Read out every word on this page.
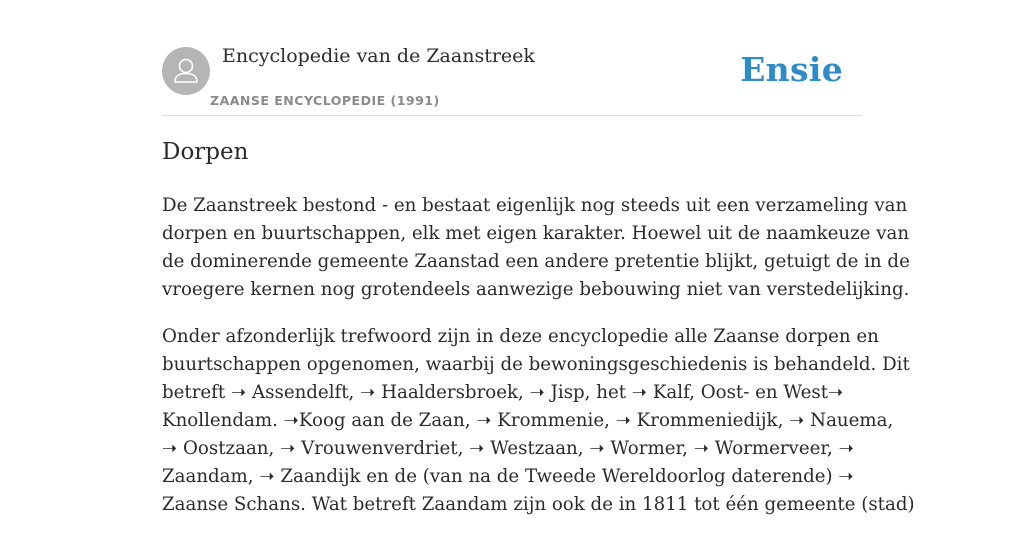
Encyclopedie van de Zaanstreek
ZAANSE ENCYCLOPEDIE (1991)
Ensie
Dorpen

De Zaanstreek bestond - en bestaat eigenlijk nog steeds uit een verzameling van
dorpen en buurtschappen, elk met eigen karakter. Hoewel uit de naamkeuze van
de dominerende gemeente Zaanstad een andere pretentie blijkt, getuigt de in de
vroegere kernen nog grotendeels aanwezige bebouwing niet van verstedelijking.

Onder afzonderlijk trefwoord zijn in deze encyclopedie alle Zaanse dorpen en
buurtschappen opgenomen, waarbij de bewoningsgeschiedenis is behandeld. Dit
betreft ➝ Assendelft, ➝ Haaldersbroek, ➝ Jisp, het ➝ Kalf, Oost- en West➝
Knollendam. ➝Koog aan de Zaan, ➝ Krommenie, ➝ Krommeniedijk, ➝ Nauema,
➝ Oostzaan, ➝ Vrouwenverdriet, ➝ Westzaan, ➝ Wormer, ➝ Wormerveer, ➝
Zaandam, ➝ Zaandijk en de (van na de Tweede Wereldoorlog daterende) ➝
Zaanse Schans. Wat betreft Zaandam zijn ook de in 1811 tot één gemeente (stad)
